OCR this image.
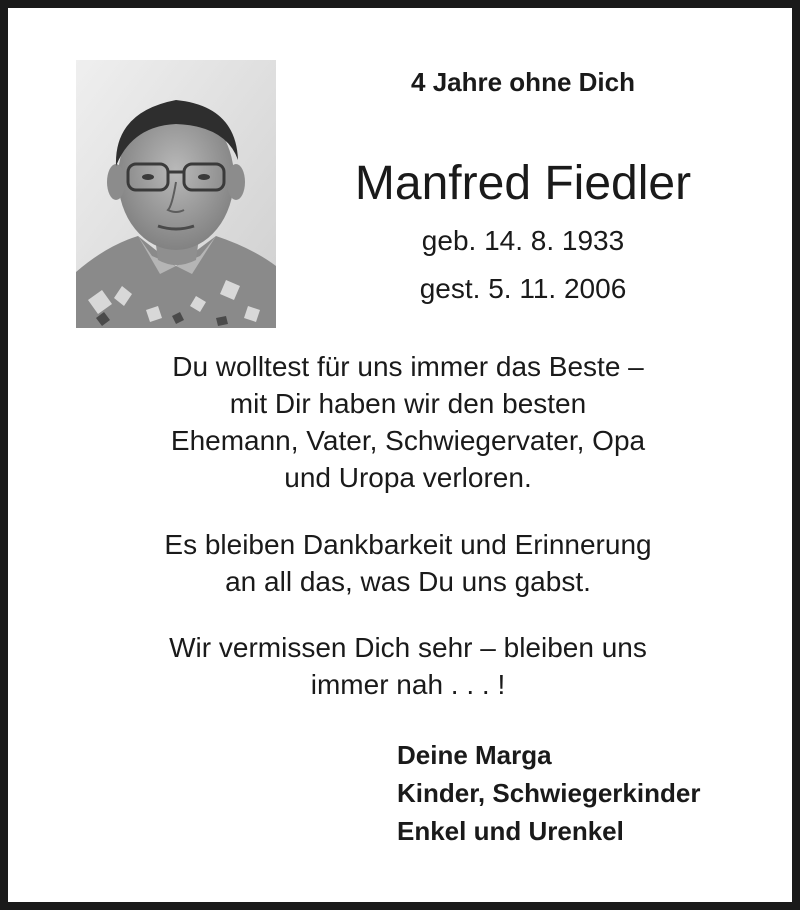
4 Jahre ohne Dich
Manfred Fiedler
geb. 14. 8. 1933
gest. 5. 11. 2006
Du wolltest für uns immer das Beste –
mit Dir haben wir den besten
Ehemann, Vater, Schwiegervater, Opa
und Uropa verloren.
Es bleiben Dankbarkeit und Erinnerung
an all das, was Du uns gabst.
Wir vermissen Dich sehr – bleiben uns
immer nah . . . !
Deine Marga
Kinder, Schwiegerkinder
Enkel und Urenkel
